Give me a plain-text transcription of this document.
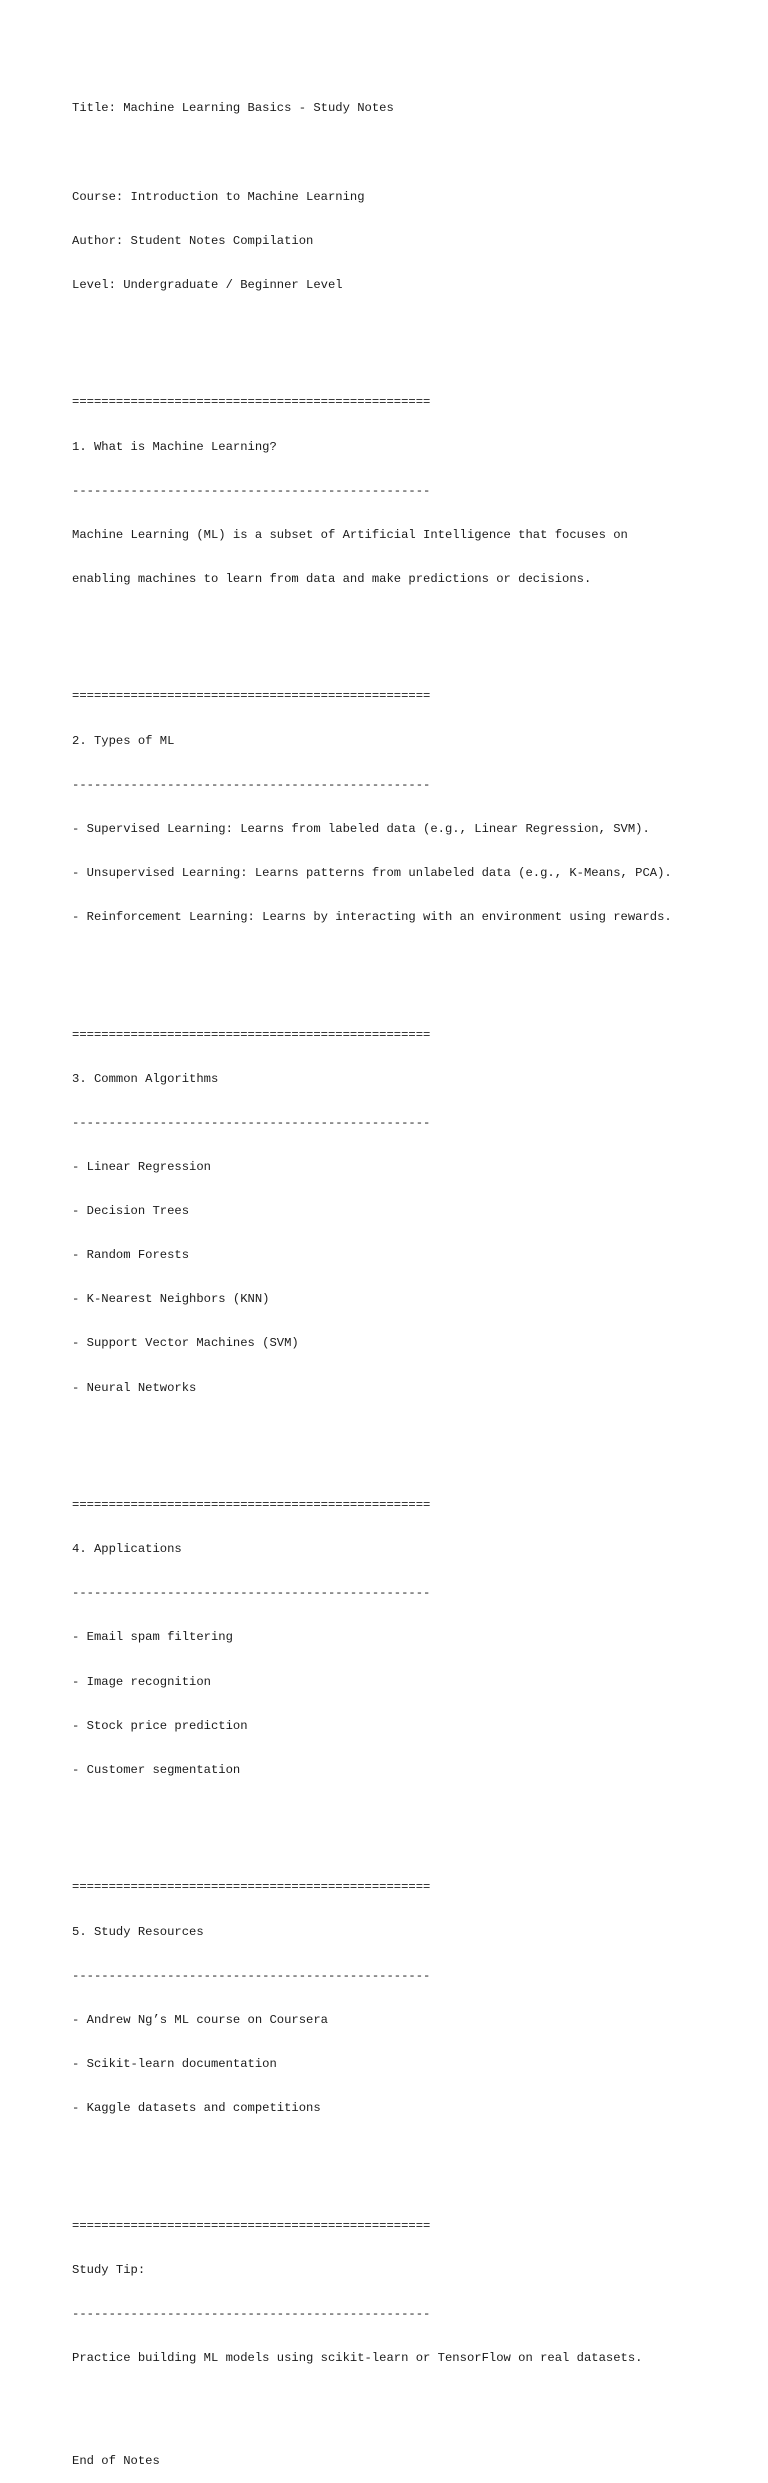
Title: Machine Learning Basics - Study Notes

Course: Introduction to Machine Learning

Author: Student Notes Compilation

Level: Undergraduate / Beginner Level

=================================================

1. What is Machine Learning?

-------------------------------------------------

Machine Learning (ML) is a subset of Artificial Intelligence that focuses on

enabling machines to learn from data and make predictions or decisions.

=================================================

2. Types of ML

-------------------------------------------------

- Supervised Learning: Learns from labeled data (e.g., Linear Regression, SVM).

- Unsupervised Learning: Learns patterns from unlabeled data (e.g., K-Means, PCA).

- Reinforcement Learning: Learns by interacting with an environment using rewards.

=================================================

3. Common Algorithms

-------------------------------------------------

- Linear Regression

- Decision Trees

- Random Forests

- K-Nearest Neighbors (KNN)

- Support Vector Machines (SVM)

- Neural Networks

=================================================

4. Applications

-------------------------------------------------

- Email spam filtering

- Image recognition

- Stock price prediction

- Customer segmentation

=================================================

5. Study Resources

-------------------------------------------------

- Andrew Ng’s ML course on Coursera

- Scikit-learn documentation

- Kaggle datasets and competitions

=================================================

Study Tip:

-------------------------------------------------

Practice building ML models using scikit-learn or TensorFlow on real datasets.

End of Notes
